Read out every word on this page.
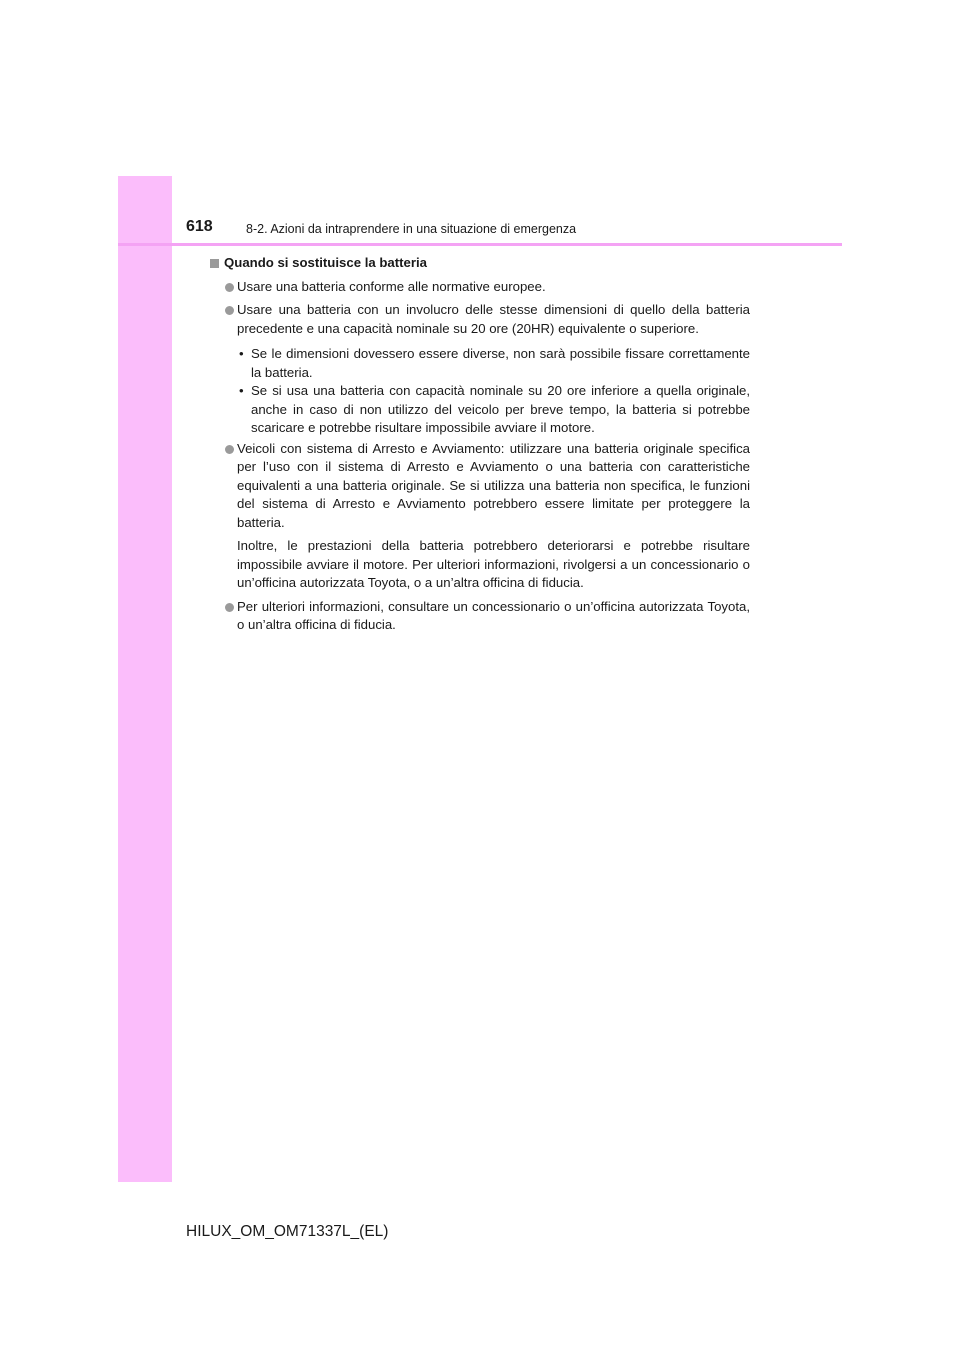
618	8-2. Azioni da intraprendere in una situazione di emergenza
Quando si sostituisce la batteria
Usare una batteria conforme alle normative europee.
Usare una batteria con un involucro delle stesse dimensioni di quello della batteria precedente e una capacità nominale su 20 ore (20HR) equivalente o superiore.
• Se le dimensioni dovessero essere diverse, non sarà possibile fissare correttamente la batteria.
• Se si usa una batteria con capacità nominale su 20 ore inferiore a quella originale, anche in caso di non utilizzo del veicolo per breve tempo, la batteria si potrebbe scaricare e potrebbe risultare impossibile avviare il motore.
Veicoli con sistema di Arresto e Avviamento: utilizzare una batteria originale specifica per l’uso con il sistema di Arresto e Avviamento o una batteria con caratteristiche equivalenti a una batteria originale. Se si utilizza una batteria non specifica, le funzioni del sistema di Arresto e Avviamento potrebbero essere limitate per proteggere la batteria.
Inoltre, le prestazioni della batteria potrebbero deteriorarsi e potrebbe risultare impossibile avviare il motore. Per ulteriori informazioni, rivolgersi a un concessionario o un’officina autorizzata Toyota, o a un’altra officina di fiducia.
Per ulteriori informazioni, consultare un concessionario o un’officina autorizzata Toyota, o un’altra officina di fiducia.
HILUX_OM_OM71337L_(EL)
